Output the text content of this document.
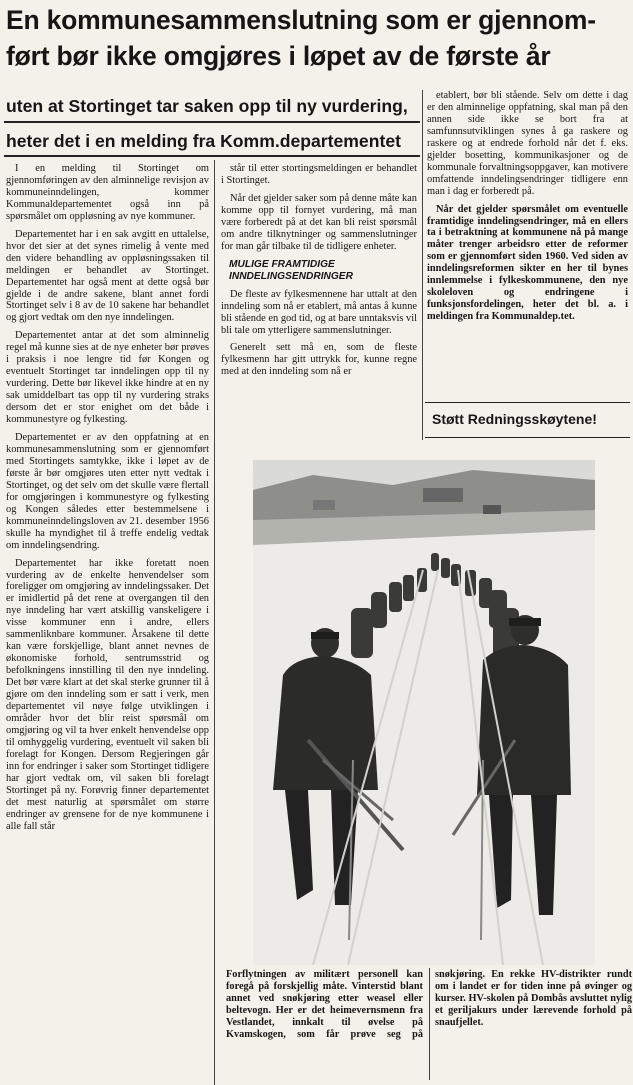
En kommunesammenslutning som er gjennom-
ført bør ikke omgjøres i løpet av de første år
uten at Stortinget tar saken opp til ny vurdering,
heter det i en melding fra Komm.departementet

I en melding til Stortinget om gjennomføringen av den alminnelige revisjon av kommuneinndelingen, kommer Kommunaldepartementet også inn på spørsmålet om oppløsning av nye kommuner.

Departementet har i en sak avgitt en uttalelse, hvor det sier at det synes rimelig å vente med den videre behandling av oppløsningssaken til meldingen er behandlet av Stortinget. Departementet har også ment at dette også bør gjelde i de andre sakene, blant annet fordi Stortinget selv i 8 av de 10 sakene har behandlet og gjort vedtak om den nye inndelingen.

Departementet antar at det som alminnelig regel må kunne sies at de nye enheter bør prøves i praksis i noe lengre tid før Kongen og eventuelt Stortinget tar inndelingen opp til ny vurdering. Dette bør likevel ikke hindre at en ny sak umiddelbart tas opp til ny vurdering straks dersom det er stor enighet om det både i kommunestyre og fylkesting.

Departementet er av den oppfatning at en kommunesammenslutning som er gjennomført med Stortingets samtykke, ikke i løpet av de første år bør omgjøres uten etter nytt vedtak i Stortinget, og det selv om det skulle være flertall for omgjøringen i kommunestyre og fylkesting og Kongen således etter bestemmelsene i kommuneinndelingsloven av 21. desember 1956 skulle ha myndighet til å treffe endelig vedtak om inndelingsendring.

Departementet har ikke foretatt noen vurdering av de enkelte henvendelser som foreligger om omgjøring av inndelingssaker. Det er imidlertid på det rene at overgangen til den nye inndeling har vært atskillig vanskeligere i visse kommuner enn i andre, ellers sammenliknbare kommuner. Årsakene til dette kan være forskjellige, blant annet nevnes de økonomiske forhold, sentrumsstrid og befolkningens innstilling til den nye inndeling. Det bør være klart at det skal sterke grunner til å gjøre om den inndeling som er satt i verk, men departementet vil nøye følge utviklingen i områder hvor det blir reist spørsmål om omgjøring og vil ta hver enkelt henvendelse opp til omhyggelig vurdering, eventuelt vil saken bli forelagt for Kongen. Dersom Regjeringen går inn for endringer i saker som Stortinget tidligere har gjort vedtak om, vil saken bli forelagt Stortinget på ny. Forøvrig finner departementet det mest naturlig at spørsmålet om større endringer av grensene for de nye kommunene i alle fall står

står til etter stortingsmeldingen er behandlet i Stortinget.

Når det gjelder saker som på denne måte kan komme opp til fornyet vurdering, må man være forberedt på at det kan bli reist spørsmål om andre tilknytninger og sammenslutninger for man går tilbake til de tidligere enheter.

MULIGE FRAMTIDIGE
INNDELINGSENDRINGER

De fleste av fylkesmennene har uttalt at den inndeling som nå er etablert, må antas å kunne bli stående en god tid, og at bare unntaksvis vil bli tale om ytterligere sammenslutninger.

Generelt sett må en, som de fleste fylkesmenn har gitt uttrykk for, kunne regne med at den inndeling som nå er

etablert, bør bli stående. Selv om dette i dag er den alminnelige oppfatning, skal man på den annen side ikke se bort fra at samfunnsutviklingen synes å ga raskere og raskere og at endrede forhold når det f. eks. gjelder bosetting, kommunikasjoner og de kommunale forvaltningsoppgaver, kan motivere omfattende inndelingsendringer tidligere enn man i dag er forberedt på.

Når det gjelder spørsmålet om eventuelle framtidige inndelingsendringer, må en ellers ta i betraktning at kommunene nå på mange måter trenger arbeidsro etter de reformer som er gjennomført siden 1960. Ved siden av inndelingsreformen sikter en her til bynes innlemmelse i fylkeskommunene, den nye skoleloven og endringene i funksjonsfordelingen, heter det bl. a. i meldingen fra Kommunaldep.tet.

Støtt Redningsskøytene!
Forflytningen av militært personell kan foregå på forskjellig måte. Vinterstid blant annet ved snøkjøring etter weasel eller beltevogn. Her er det heimevernsmenn fra Vestlandet, innkalt til øvelse på Kvamskogen, som får prøve seg på snøkjøring. En rekke HV-distrikter rundt om i landet er for tiden inne på øvinger og kurser. HV-skolen på Dombås avsluttet nylig et geriljakurs under lærevende forhold på snaufjellet.
